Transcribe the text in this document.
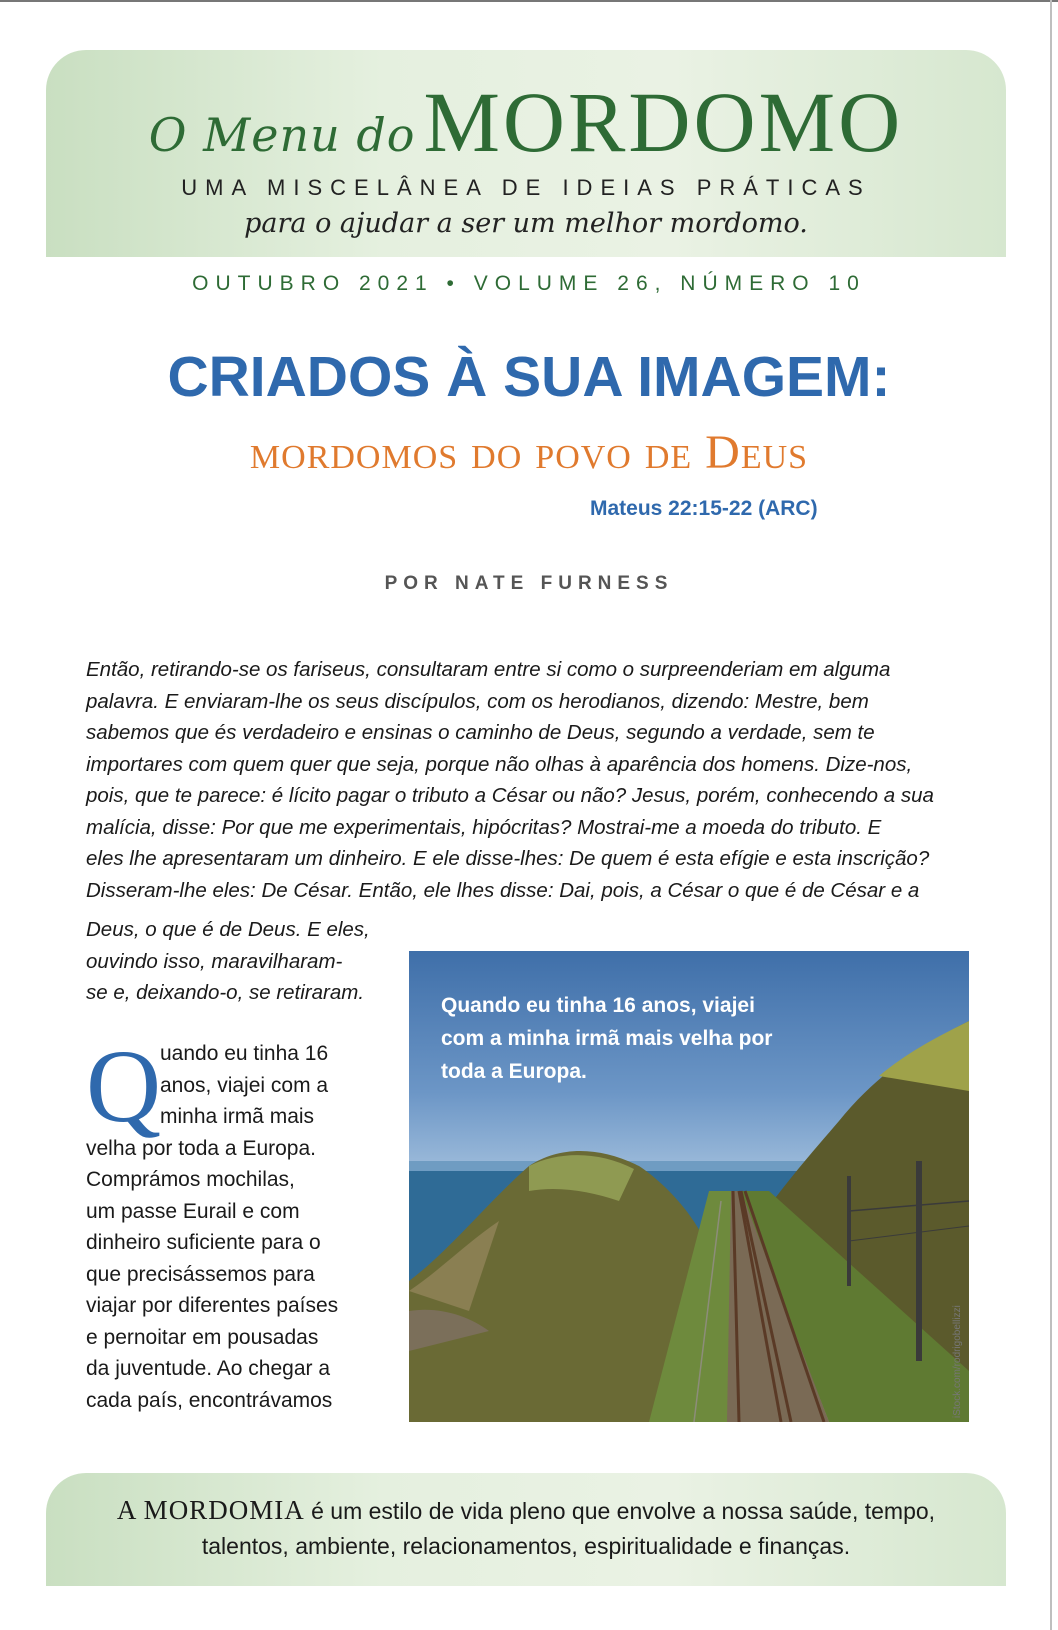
O Menu doMORDOMO
UMA MISCELÂNEA DE IDEIAS PRÁTICAS
para o ajudar a ser um melhor mordomo.
OUTUBRO 2021 • VOLUME 26, NÚMERO 10
CRIADOS À SUA IMAGEM:
mordomos do povo de Deus
Mateus 22:15-22 (ARC)
POR NATE FURNESS
Então, retirando-se os fariseus, consultaram entre si como o surpreenderiam em alguma
palavra. E enviaram-lhe os seus discípulos, com os herodianos, dizendo: Mestre, bem
sabemos que és verdadeiro e ensinas o caminho de Deus, segundo a verdade, sem te
importares com quem quer que seja, porque não olhas à aparência dos homens. Dize-nos,
pois, que te parece: é lícito pagar o tributo a César ou não? Jesus, porém, conhecendo a sua
malícia, disse: Por que me experimentais, hipócritas? Mostrai-me a moeda do tributo. E
eles lhe apresentaram um dinheiro. E ele disse-lhes: De quem é esta efígie e esta inscrição?
Disseram-lhe eles: De César. Então, ele lhes disse: Dai, pois, a César o que é de César e a
Deus, o que é de Deus. E eles,
ouvindo isso, maravilharam-
se e, deixando-o, se retiraram.
Q
uando eu tinha 16
anos, viajei com a
minha irmã mais
velha por toda a Europa.
Comprámos mochilas,
um passe Eurail e com
dinheiro suficiente para o
que precisássemos para
viajar por diferentes países
e pernoitar em pousadas
da juventude. Ao chegar a
cada país, encontrávamos
Quando eu tinha 16 anos, viajei com a minha irmã mais velha por toda a Europa.
A MORDOMIA é um estilo de vida pleno que envolve a nossa saúde, tempo,
talentos, ambiente, relacionamentos, espiritualidade e finanças.
